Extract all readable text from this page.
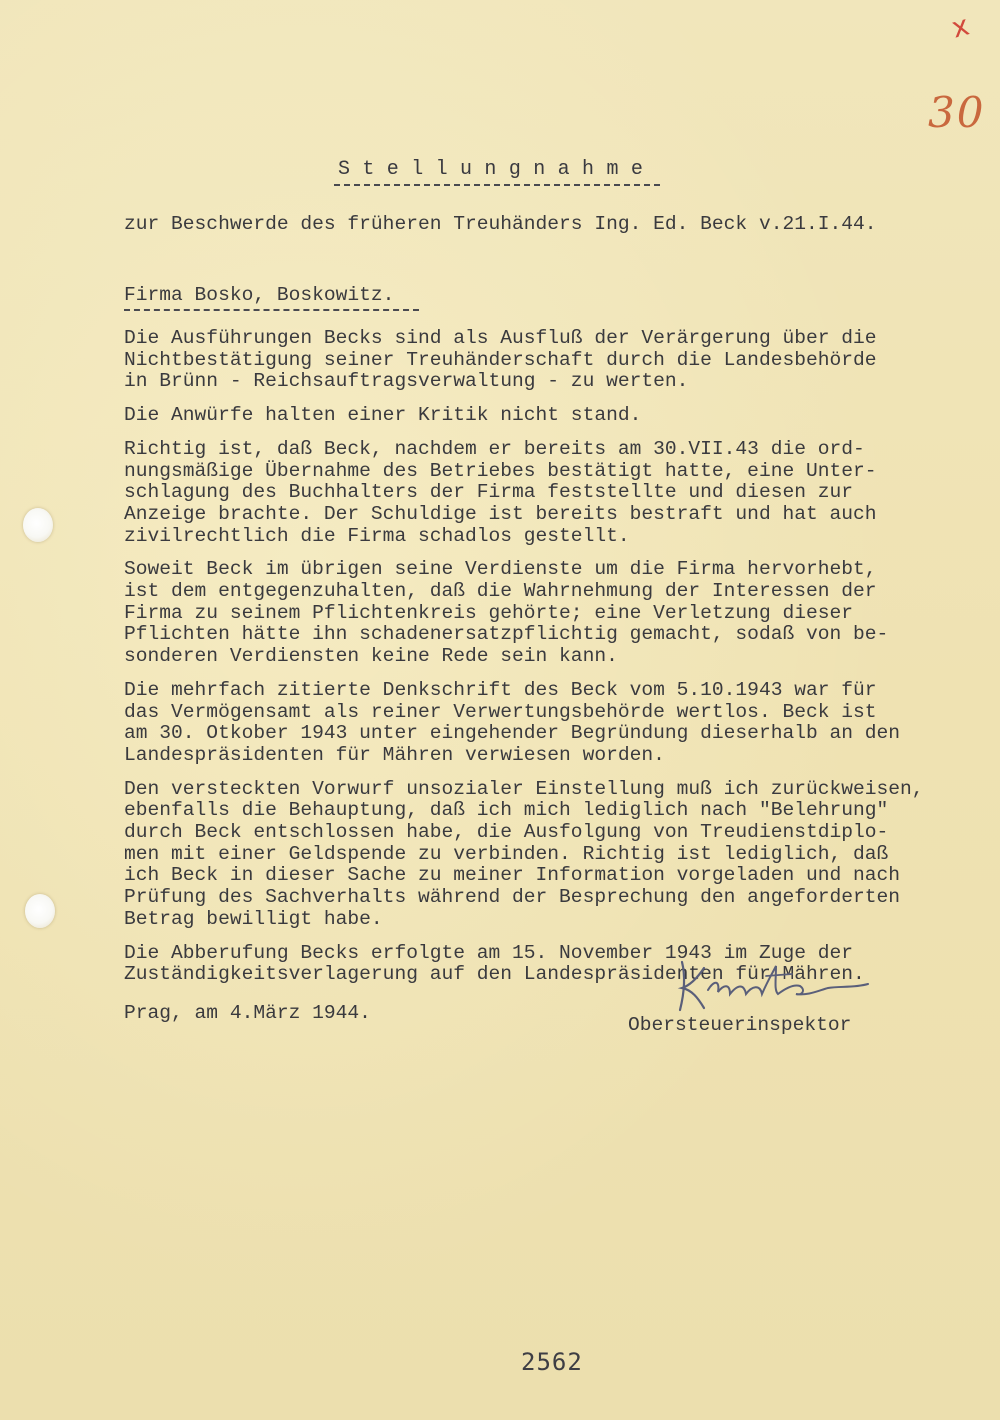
x
30
S t e l l u n g n a h m e
zur Beschwerde des früheren Treuhänders Ing. Ed. Beck v.21.I.44.
Firma Bosko, Boskowitz.
Die Ausführungen Becks sind als Ausfluß der Verärgerung über die
Nichtbestätigung seiner Treuhänderschaft durch die Landesbehörde
in Brünn - Reichsauftragsverwaltung - zu werten.
Die Anwürfe halten einer Kritik nicht stand.
Richtig ist, daß Beck, nachdem er bereits am 30.VII.43 die ord-
nungsmäßige Übernahme des Betriebes bestätigt hatte, eine Unter-
schlagung des Buchhalters der Firma feststellte und diesen zur
Anzeige brachte. Der Schuldige ist bereits bestraft und hat auch
zivilrechtlich die Firma schadlos gestellt.
Soweit Beck im übrigen seine Verdienste um die Firma hervorhebt,
ist dem entgegenzuhalten, daß die Wahrnehmung der Interessen der
Firma zu seinem Pflichtenkreis gehörte; eine Verletzung dieser
Pflichten hätte ihn schadenersatzpflichtig gemacht, sodaß von be-
sonderen Verdiensten keine Rede sein kann.
Die mehrfach zitierte Denkschrift des Beck vom 5.10.1943 war für
das Vermögensamt als reiner Verwertungsbehörde wertlos. Beck ist
am 30. Otkober 1943 unter eingehender Begründung dieserhalb an den
Landespräsidenten für Mähren verwiesen worden.
Den versteckten Vorwurf unsozialer Einstellung muß ich zurückweisen,
ebenfalls die Behauptung, daß ich mich lediglich nach "Belehrung"
durch Beck entschlossen habe, die Ausfolgung von Treudienstdiplo-
men mit einer Geldspende zu verbinden. Richtig ist lediglich, daß
ich Beck in dieser Sache zu meiner Information vorgeladen und nach
Prüfung des Sachverhalts während der Besprechung den angeforderten
Betrag bewilligt habe.
Die Abberufung Becks erfolgte am 15. November 1943 im Zuge der
Zuständigkeitsverlagerung auf den Landespräsidenten für Mähren.
Prag, am 4.März 1944.
Obersteuerinspektor
2562
